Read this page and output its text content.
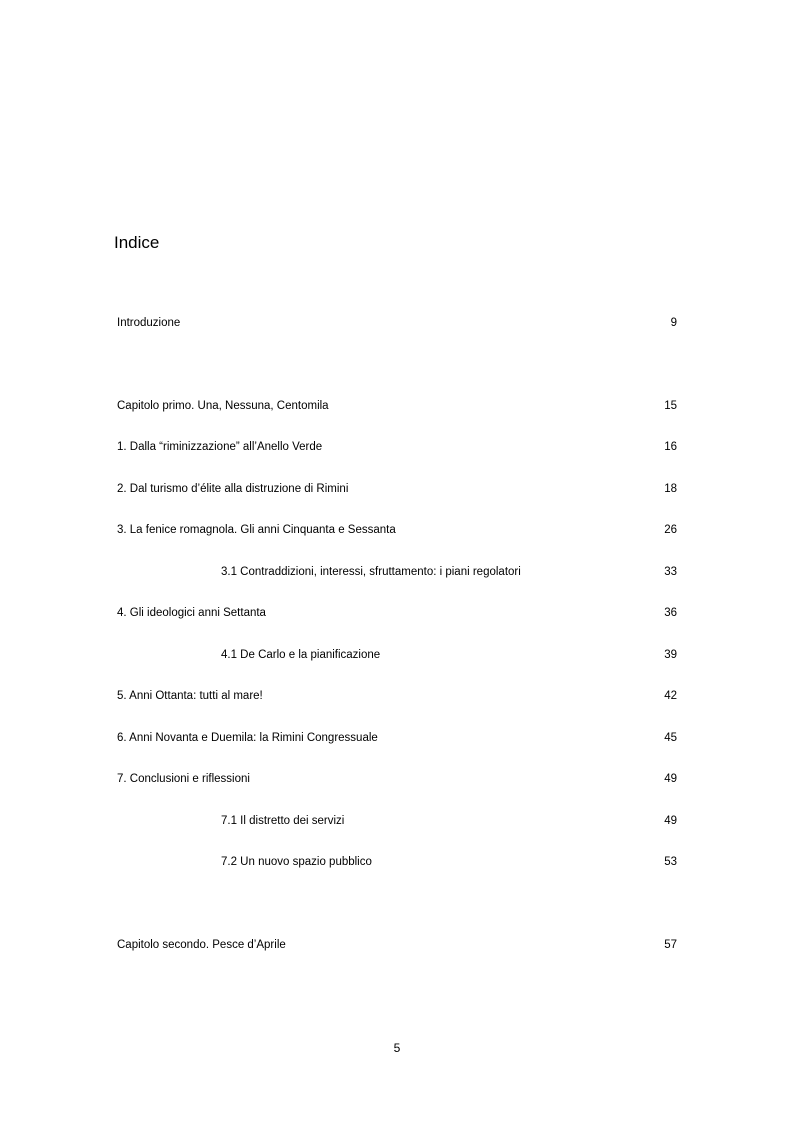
Indice
Introduzione	9
Capitolo primo. Una, Nessuna, Centomila	15
1. Dalla “riminizzazione” all’Anello Verde	16
2. Dal turismo d’élite alla distruzione di Rimini	18
3. La fenice romagnola. Gli anni Cinquanta e Sessanta	26
3.1 Contraddizioni, interessi, sfruttamento: i piani regolatori	33
4. Gli ideologici anni Settanta	36
4.1 De Carlo e la pianificazione	39
5. Anni Ottanta: tutti al mare!	42
6. Anni Novanta e Duemila: la Rimini Congressuale	45
7. Conclusioni e riflessioni	49
7.1 Il distretto dei servizi	49
7.2 Un nuovo spazio pubblico	53
Capitolo secondo. Pesce d’Aprile	57
5
